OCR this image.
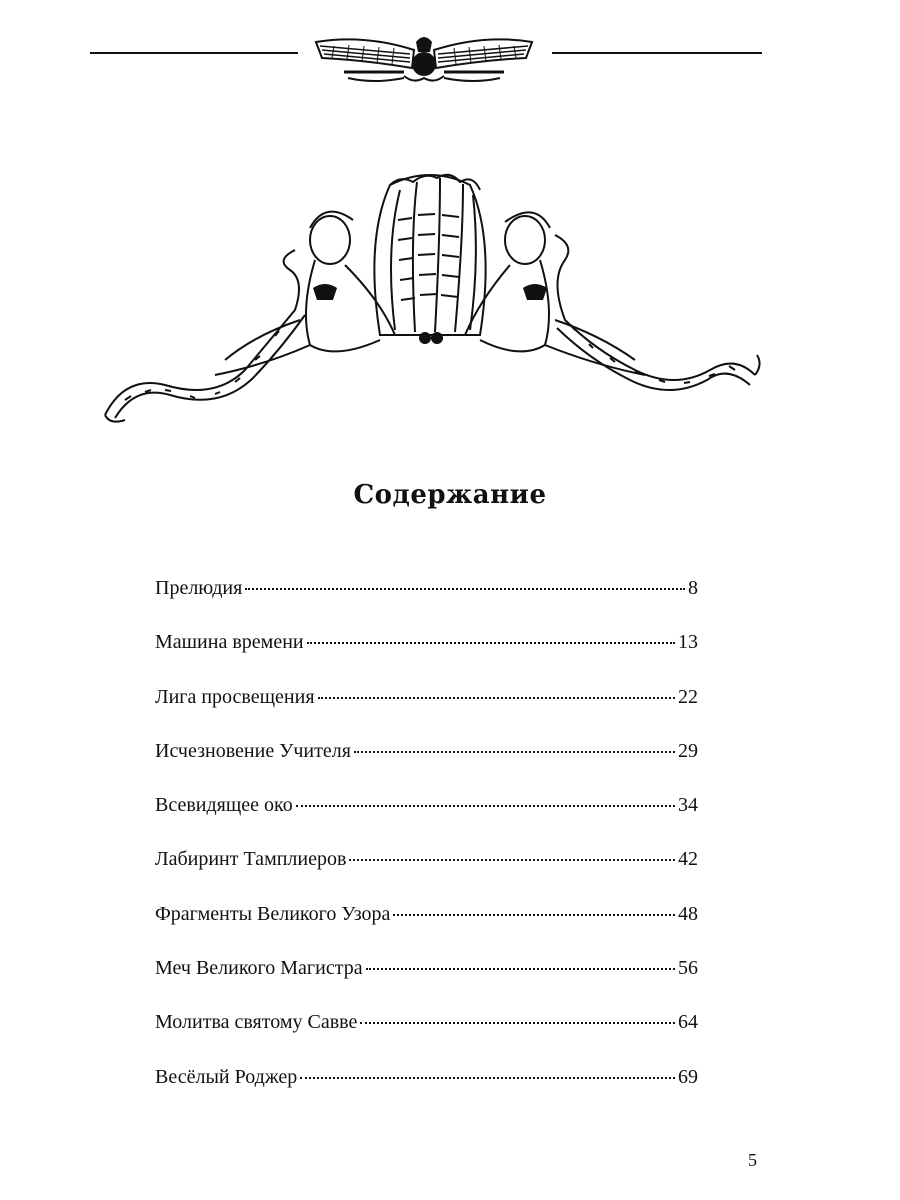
Содержание
Прелюдия	8
Машина времени	13
Лига просвещения	22
Исчезновение Учителя	29
Всевидящее око	34
Лабиринт Тамплиеров	42
Фрагменты Великого Узора	48
Меч Великого Магистра	56
Молитва святому Савве	64
Весёлый Роджер	69
5
